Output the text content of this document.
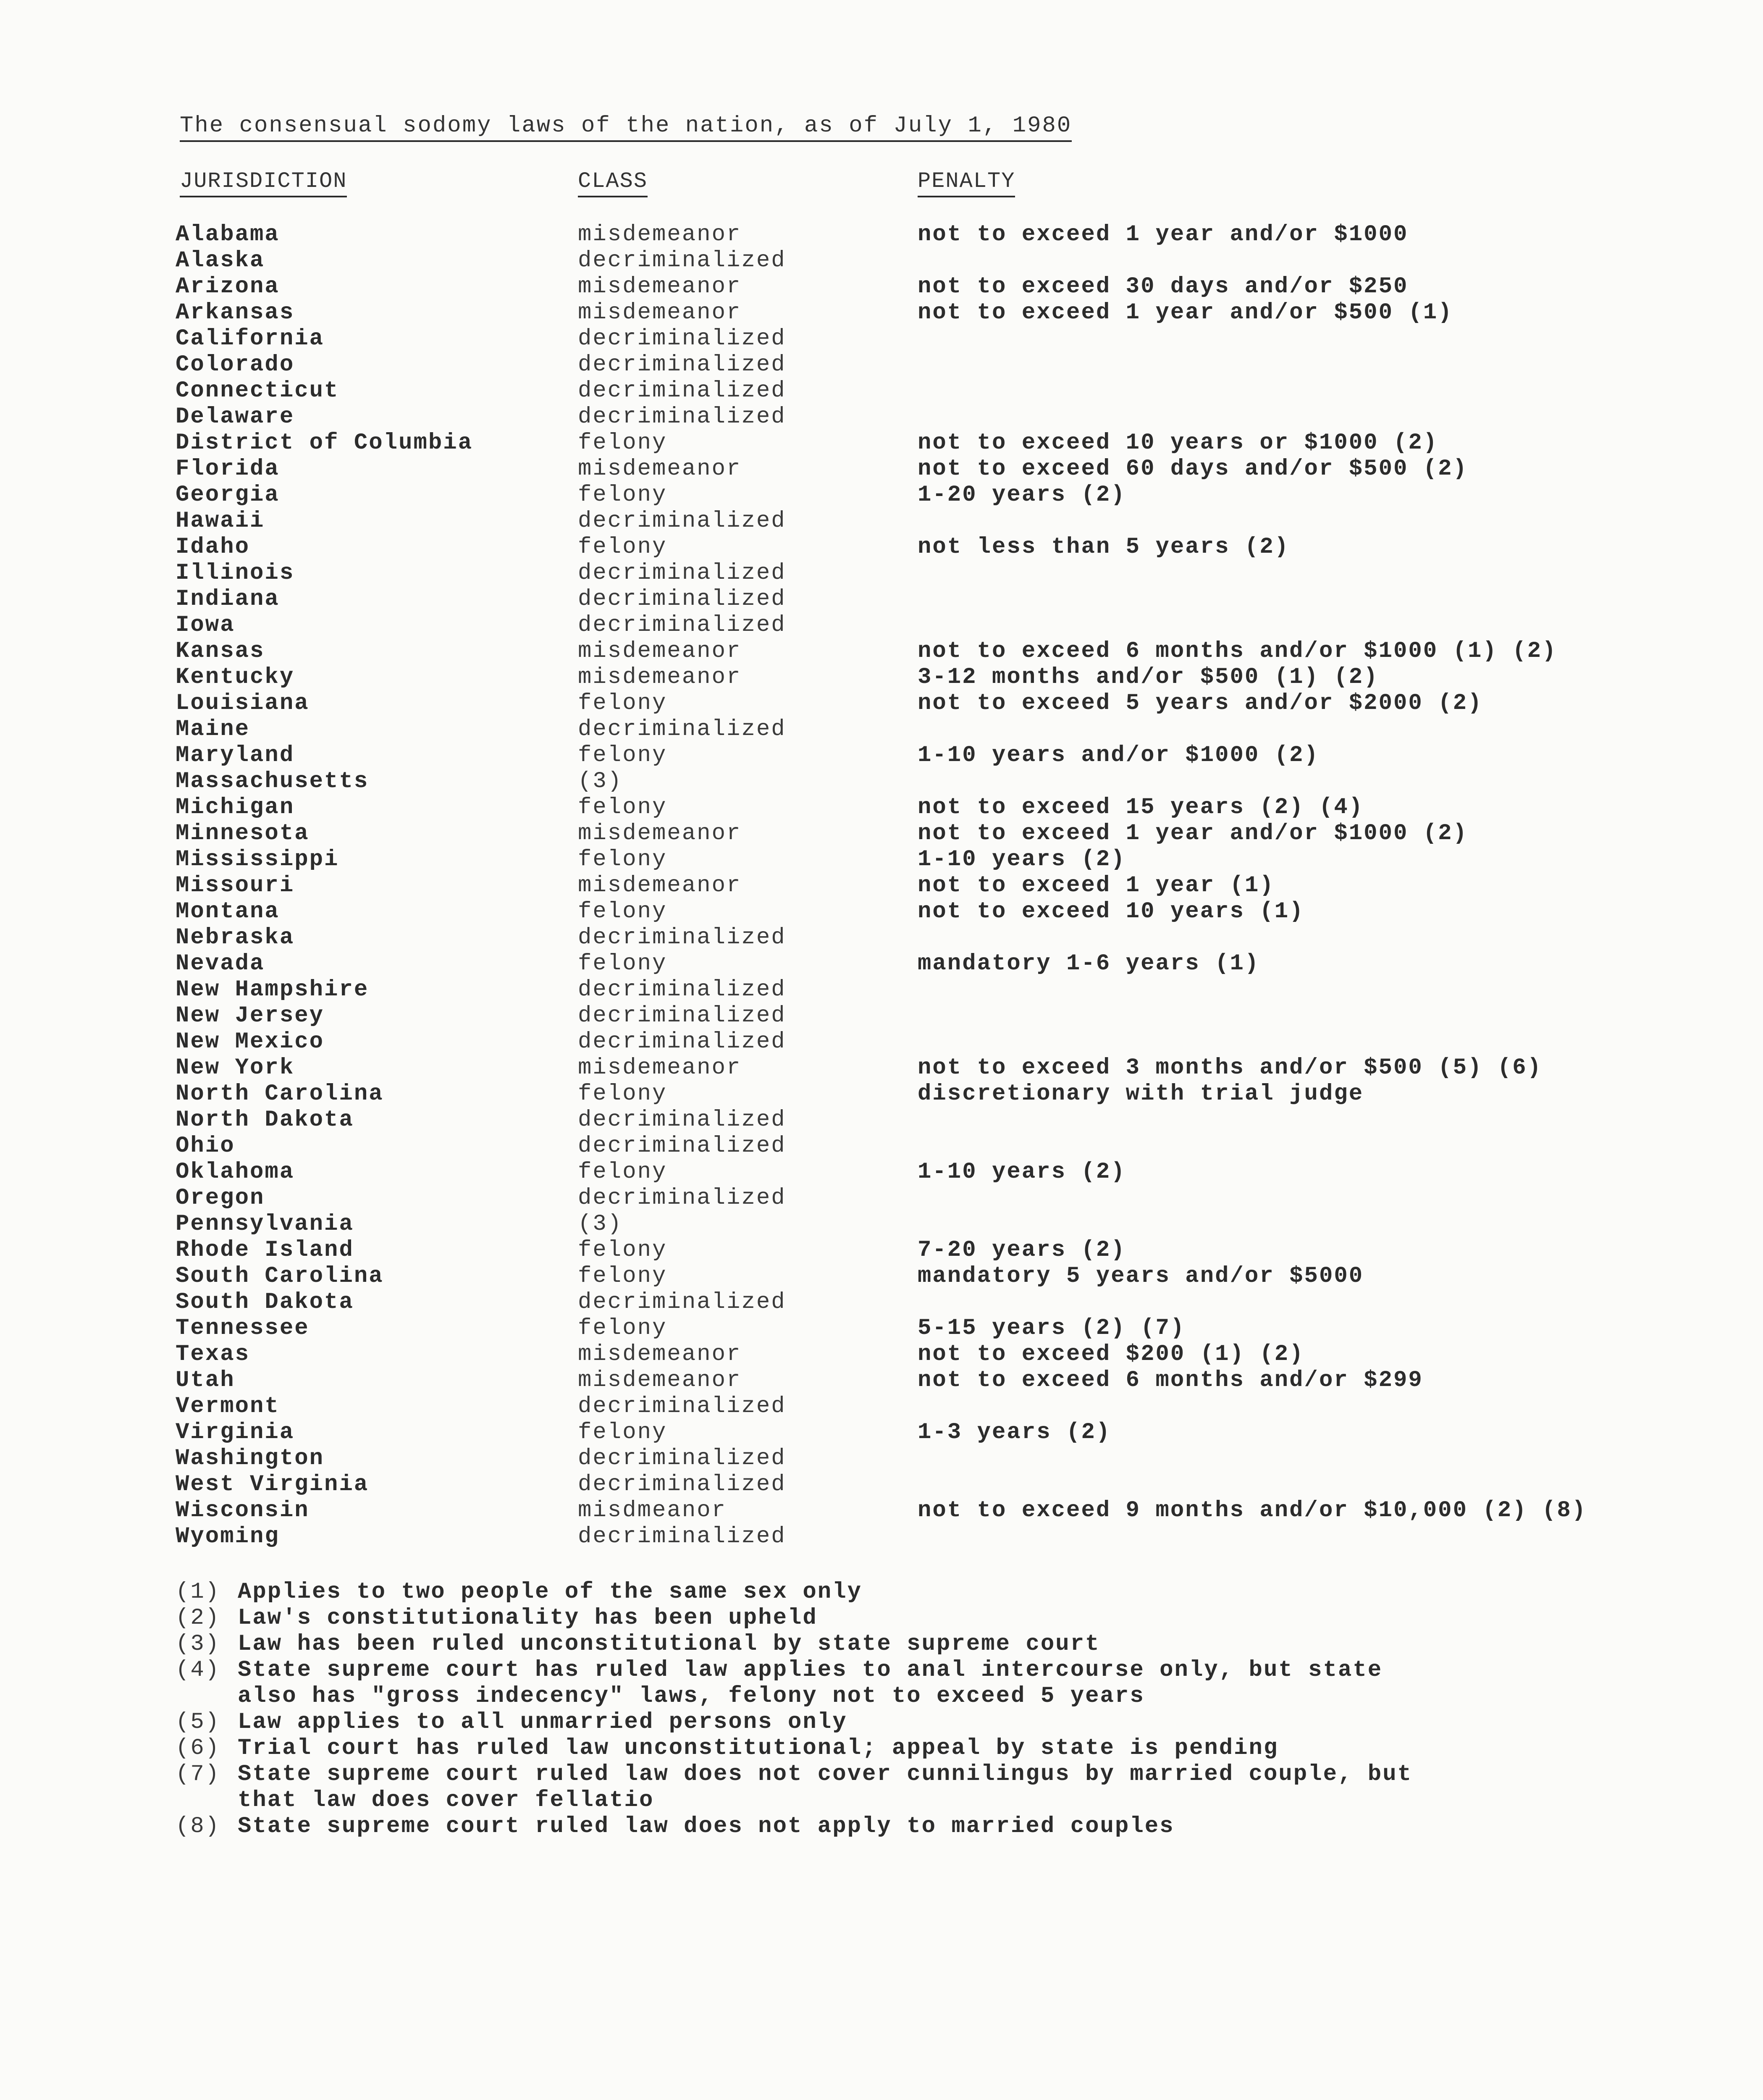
The consensual sodomy laws of the nation, as of July 1, 1980
JURISDICTION	CLASS	PENALTY
Alabama	misdemeanor	not to exceed 1 year and/or $1000
Alaska	decriminalized
Arizona	misdemeanor	not to exceed 30 days and/or $250
Arkansas	misdemeanor	not to exceed 1 year and/or $500 (1)
California	decriminalized
Colorado	decriminalized
Connecticut	decriminalized
Delaware	decriminalized
District of Columbia	felony	not to exceed 10 years or $1000 (2)
Florida	misdemeanor	not to exceed 60 days and/or $500 (2)
Georgia	felony	1-20 years (2)
Hawaii	decriminalized
Idaho	felony	not less than 5 years (2)
Illinois	decriminalized
Indiana	decriminalized
Iowa	decriminalized
Kansas	misdemeanor	not to exceed 6 months and/or $1000 (1) (2)
Kentucky	misdemeanor	3-12 months and/or $500 (1) (2)
Louisiana	felony	not to exceed 5 years and/or $2000 (2)
Maine	decriminalized
Maryland	felony	1-10 years and/or $1000 (2)
Massachusetts	(3)
Michigan	felony	not to exceed 15 years (2) (4)
Minnesota	misdemeanor	not to exceed 1 year and/or $1000 (2)
Mississippi	felony	1-10 years (2)
Missouri	misdemeanor	not to exceed 1 year (1)
Montana	felony	not to exceed 10 years (1)
Nebraska	decriminalized
Nevada	felony	mandatory 1-6 years (1)
New Hampshire	decriminalized
New Jersey	decriminalized
New Mexico	decriminalized
New York	misdemeanor	not to exceed 3 months and/or $500 (5) (6)
North Carolina	felony	discretionary with trial judge
North Dakota	decriminalized
Ohio	decriminalized
Oklahoma	felony	1-10 years (2)
Oregon	decriminalized
Pennsylvania	(3)
Rhode Island	felony	7-20 years (2)
South Carolina	felony	mandatory 5 years and/or $5000
South Dakota	decriminalized
Tennessee	felony	5-15 years (2) (7)
Texas	misdemeanor	not to exceed $200 (1) (2)
Utah	misdemeanor	not to exceed 6 months and/or $299
Vermont	decriminalized
Virginia	felony	1-3 years (2)
Washington	decriminalized
West Virginia	decriminalized
Wisconsin	misdmeanor	not to exceed 9 months and/or $10,000 (2) (8)
Wyoming	decriminalized
(1) Applies to two people of the same sex only
(2) Law's constitutionality has been upheld
(3) Law has been ruled unconstitutional by state supreme court
(4) State supreme court has ruled law applies to anal intercourse only, but state
also has "gross indecency" laws, felony not to exceed 5 years
(5) Law applies to all unmarried persons only
(6) Trial court has ruled law unconstitutional; appeal by state is pending
(7) State supreme court ruled law does not cover cunnilingus by married couple, but
that law does cover fellatio
(8) State supreme court ruled law does not apply to married couples
